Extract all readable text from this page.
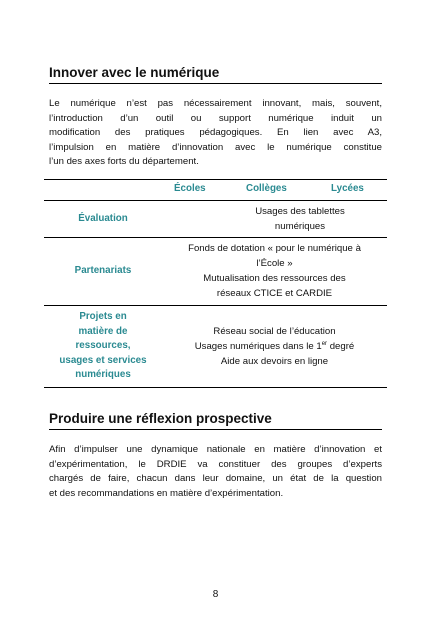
Innover avec le numérique
Le numérique n’est pas nécessairement innovant, mais, souvent,
l’introduction d’un outil ou support numérique induit un
modification des pratiques pédagogiques. En lien avec A3,
l’impulsion en matière d’innovation avec le numérique constitue
l’un des axes forts du département.
Écoles	Collèges	Lycées
Évaluation
Usages des tablettes
numériques
Partenariats
Fonds de dotation « pour le numérique à
l’École »
Mutualisation des ressources des
réseaux CTICE et CARDIE
Projets en
matière de
ressources,
usages et services
numériques
Réseau social de l’éducation
Usages numériques dans le 1er degré
Aide aux devoirs en ligne
Produire une réflexion prospective
Afin d’impulser une dynamique nationale en matière d’innovation et
d’expérimentation, le DRDIE va constituer des groupes d’experts
chargés de faire, chacun dans leur domaine, un état de la question
et des recommandations en matière d’expérimentation.
8
